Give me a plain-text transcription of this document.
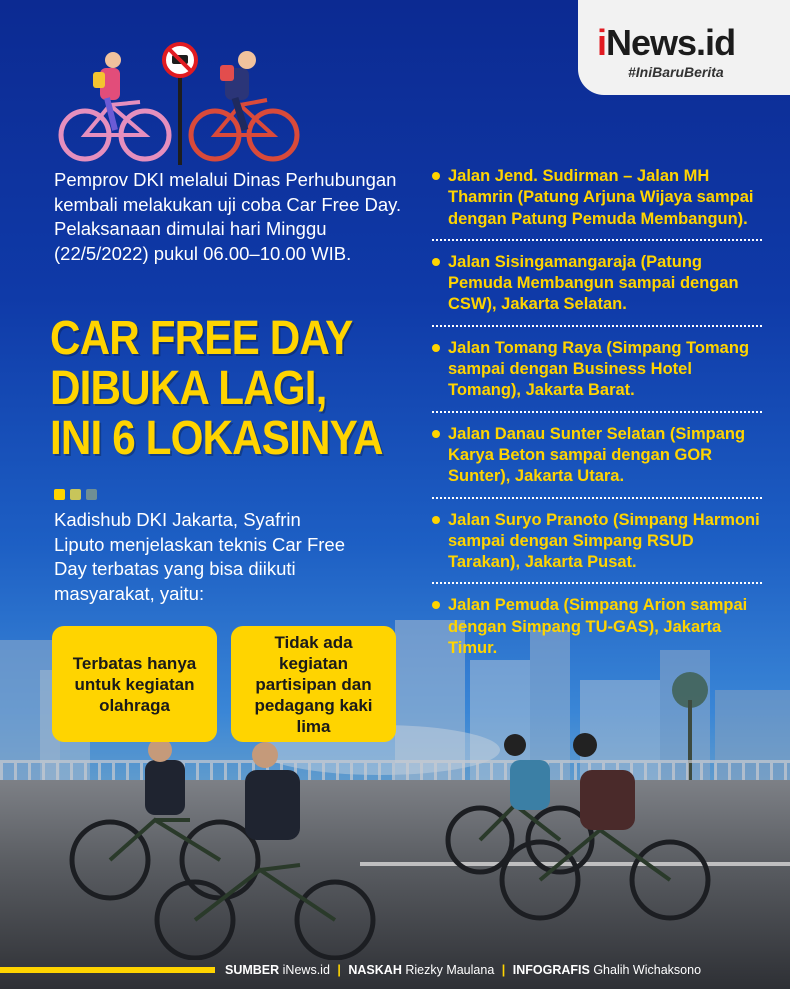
iNews.id
#IniBaruBerita
Pemprov DKI melalui Dinas Perhubungan kembali melakukan uji coba Car Free Day. Pelaksanaan dimulai hari Minggu (22/5/2022) pukul 06.00–10.00 WIB.
CAR FREE DAY
DIBUKA LAGI,
INI 6 LOKASINYA
Kadishub DKI Jakarta, Syafrin Liputo menjelaskan teknis Car Free Day terbatas yang bisa diikuti masyarakat, yaitu:
Terbatas hanya untuk kegiatan olahraga
Tidak ada kegiatan partisipan dan pedagang kaki lima
Jalan Jend. Sudirman – Jalan MH Thamrin (Patung Arjuna Wijaya sampai dengan Patung Pemuda Membangun).
Jalan Sisingamangaraja (Patung Pemuda Membangun sampai dengan CSW), Jakarta Selatan.
Jalan Tomang Raya (Simpang Tomang sampai dengan Business Hotel Tomang), Jakarta Barat.
Jalan Danau Sunter Selatan (Simpang Karya Beton sampai dengan GOR Sunter), Jakarta Utara.
Jalan Suryo Pranoto (Simpang Harmoni sampai dengan Simpang RSUD Tarakan), Jakarta Pusat.
Jalan Pemuda (Simpang Arion sampai dengan Simpang TU-GAS), Jakarta Timur.
SUMBER iNews.id | NASKAH Riezky Maulana | INFOGRAFIS Ghalih Wichaksono
